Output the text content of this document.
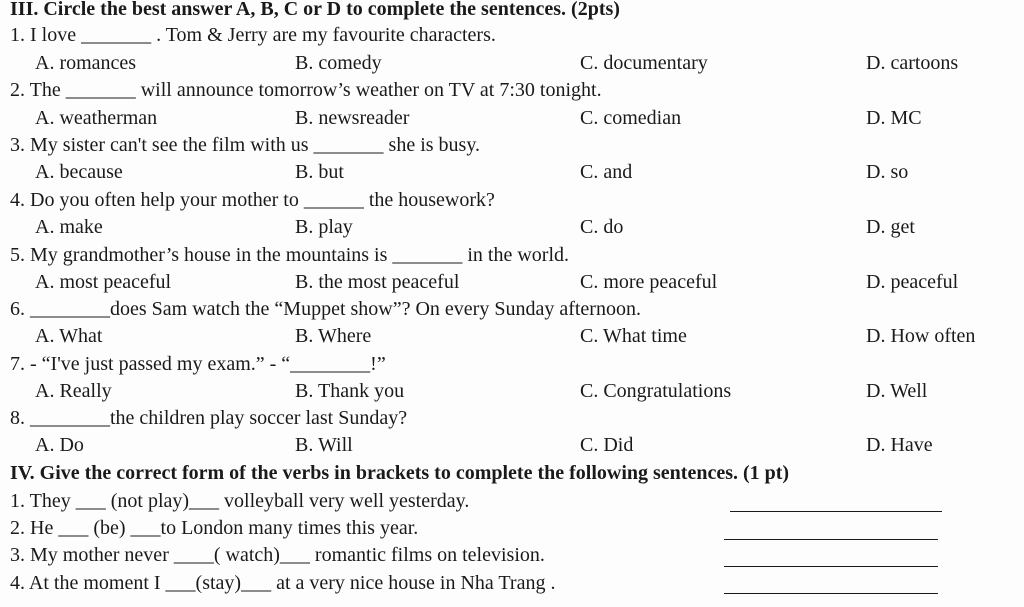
III. Circle the best answer A, B, C or D to complete the sentences. (2pts)
1. I love _______ . Tom & Jerry are my favourite characters.
A. romances	B. comedy	C. documentary	D. cartoons
2. The _______ will announce tomorrow’s weather on TV at 7:30 tonight.
A. weatherman	B. newsreader	C. comedian	D. MC
3. My sister can't see the film with us _______ she is busy.
A. because	B. but	C. and	D. so
4. Do you often help your mother to ______ the housework?
A. make	B. play	C. do	D. get
5. My grandmother’s house in the mountains is _______ in the world.
A. most peaceful	B. the most peaceful	C. more peaceful	D. peaceful
6. ________does Sam watch the “Muppet show”? On every Sunday afternoon.
A. What	B. Where	C. What time	D. How often
7. - “I've just passed my exam.” - “________!”
A. Really	B. Thank you	C. Congratulations	D. Well
8. ________the children play soccer last Sunday?
A. Do	B. Will	C. Did	D. Have
IV. Give the correct form of the verbs in brackets to complete the following sentences. (1 pt)
1. They ___ (not play)___ volleyball very well yesterday.
2. He ___ (be) ___to London many times this year.
3. My mother never ____( watch)___ romantic films on television.
4. At the moment I ___(stay)___ at a very nice house in Nha Trang .
